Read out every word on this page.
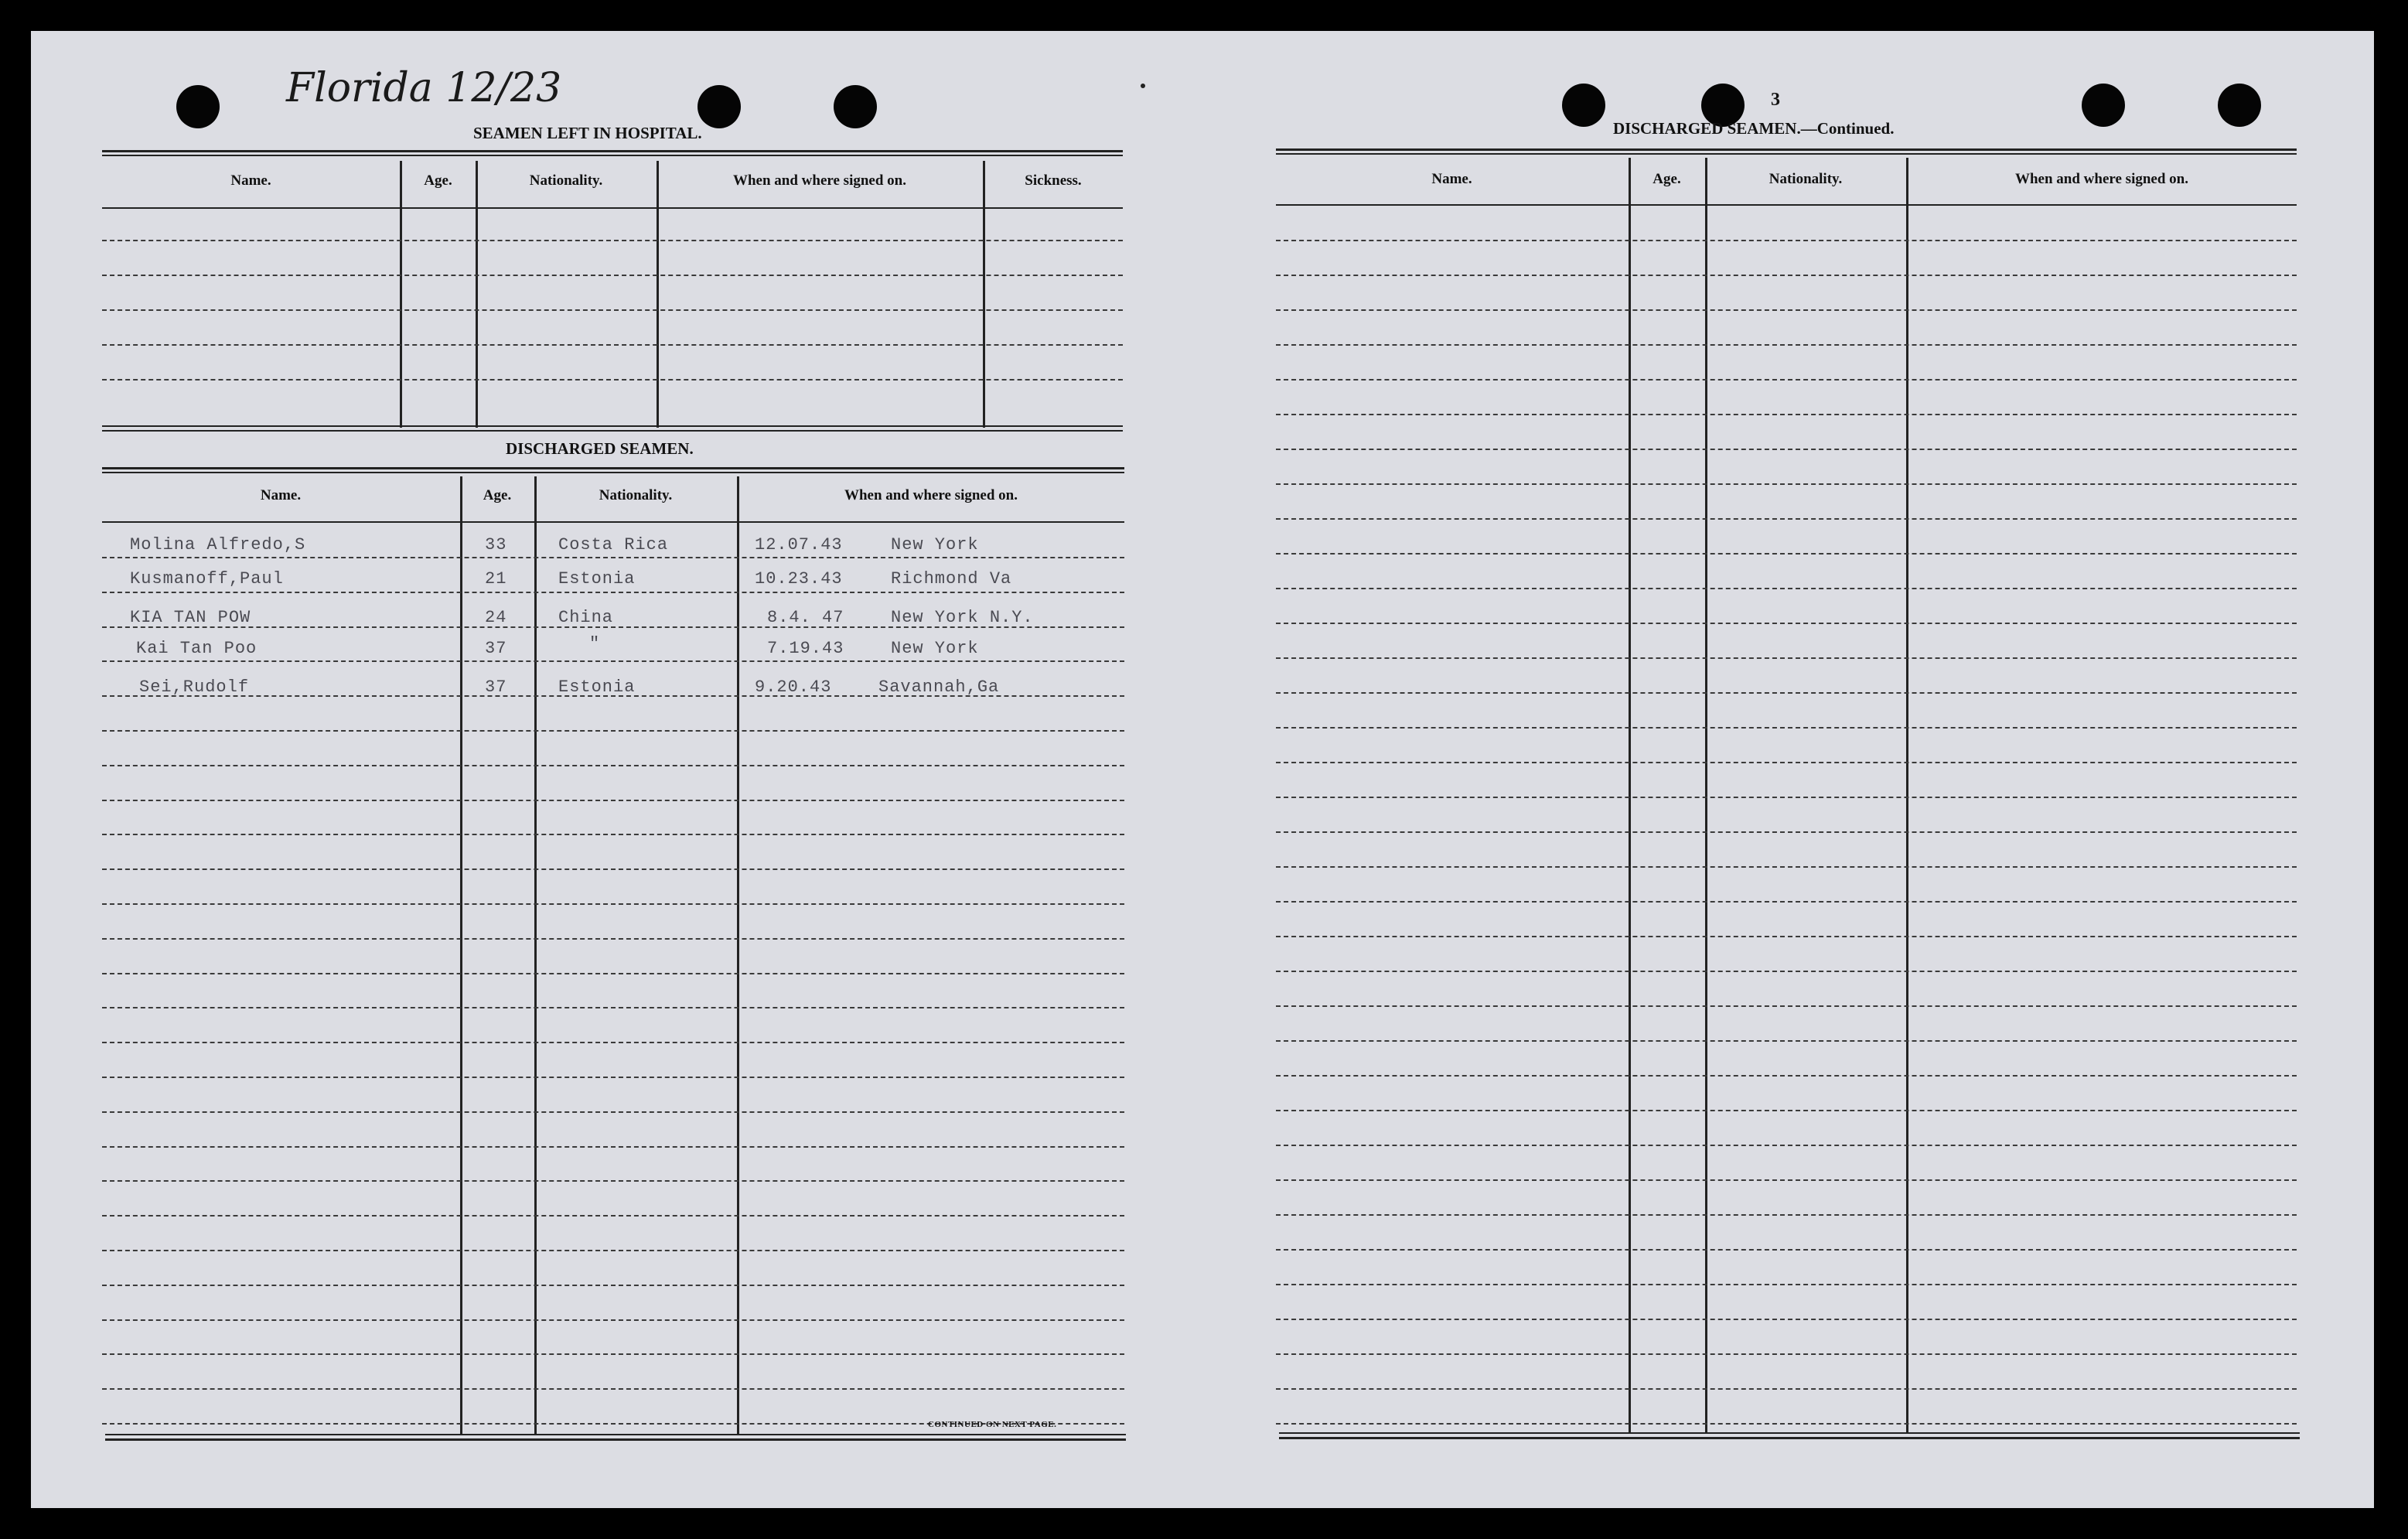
Florida 12/23
SEAMEN LEFT IN HOSPITAL.
Name.	Age.	Nationality.	When and where signed on.	Sickness.
DISCHARGED SEAMEN.
Name.	Age.	Nationality.	When and where signed on.
Molina Alfredo,S	33	Costa Rica	12.07.43	New York
Kusmanoff,Paul	21	Estonia	10.23.43	Richmond Va
KIA TAN POW	24	China	8.4. 47	New York N.Y.
Kai Tan Poo	37	"	7.19.43	New York
Sei,Rudolf	37	Estonia	9.20.43	Savannah,Ga
CONTINUED ON NEXT PAGE.
3
DISCHARGED SEAMEN.—Continued.
Name.	Age.	Nationality.	When and where signed on.
